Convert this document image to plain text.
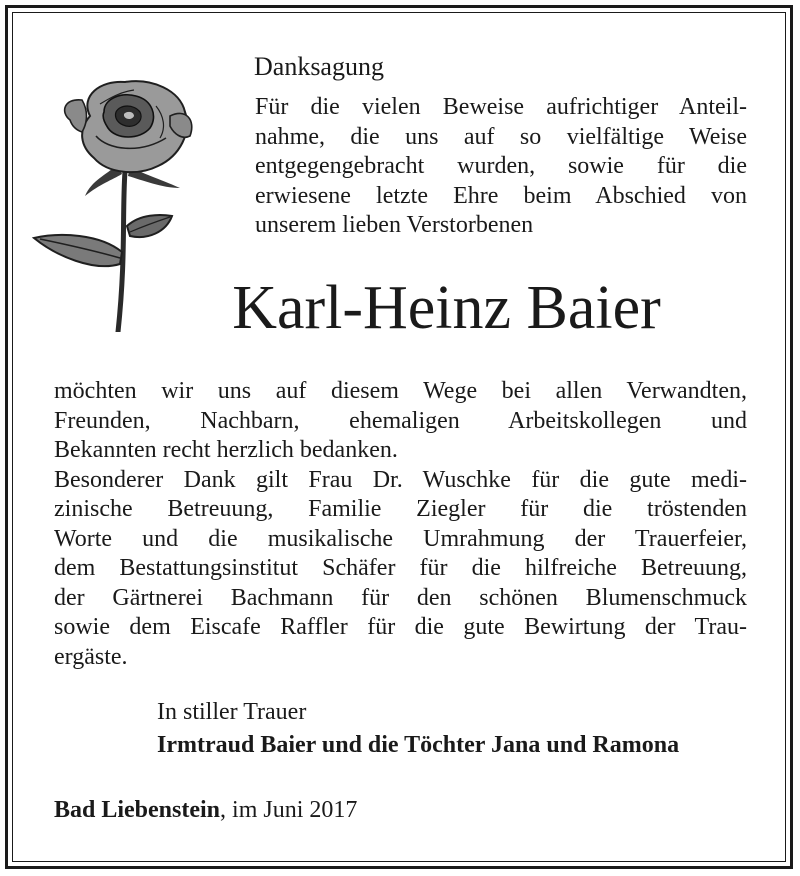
Danksagung
Für die vielen Beweise aufrichtiger Anteil-
nahme, die uns auf so vielfältige Weise
entgegengebracht wurden, sowie für die
erwiesene letzte Ehre beim Abschied von
unserem lieben Verstorbenen
Karl-Heinz Baier
möchten wir uns auf diesem Wege bei allen Verwandten,
Freunden, Nachbarn, ehemaligen Arbeitskollegen und
Bekannten recht herzlich bedanken.
Besonderer Dank gilt Frau Dr. Wuschke für die gute medi-
zinische Betreuung, Familie Ziegler für die tröstenden
Worte und die musikalische Umrahmung der Trauerfeier,
dem Bestattungsinstitut Schäfer für die hilfreiche Betreuung,
der Gärtnerei Bachmann für den schönen Blumenschmuck
sowie dem Eiscafe Raffler für die gute Bewirtung der Trau-
ergäste.
In stiller Trauer
Irmtraud Baier und die Töchter Jana und Ramona
Bad Liebenstein, im Juni 2017
